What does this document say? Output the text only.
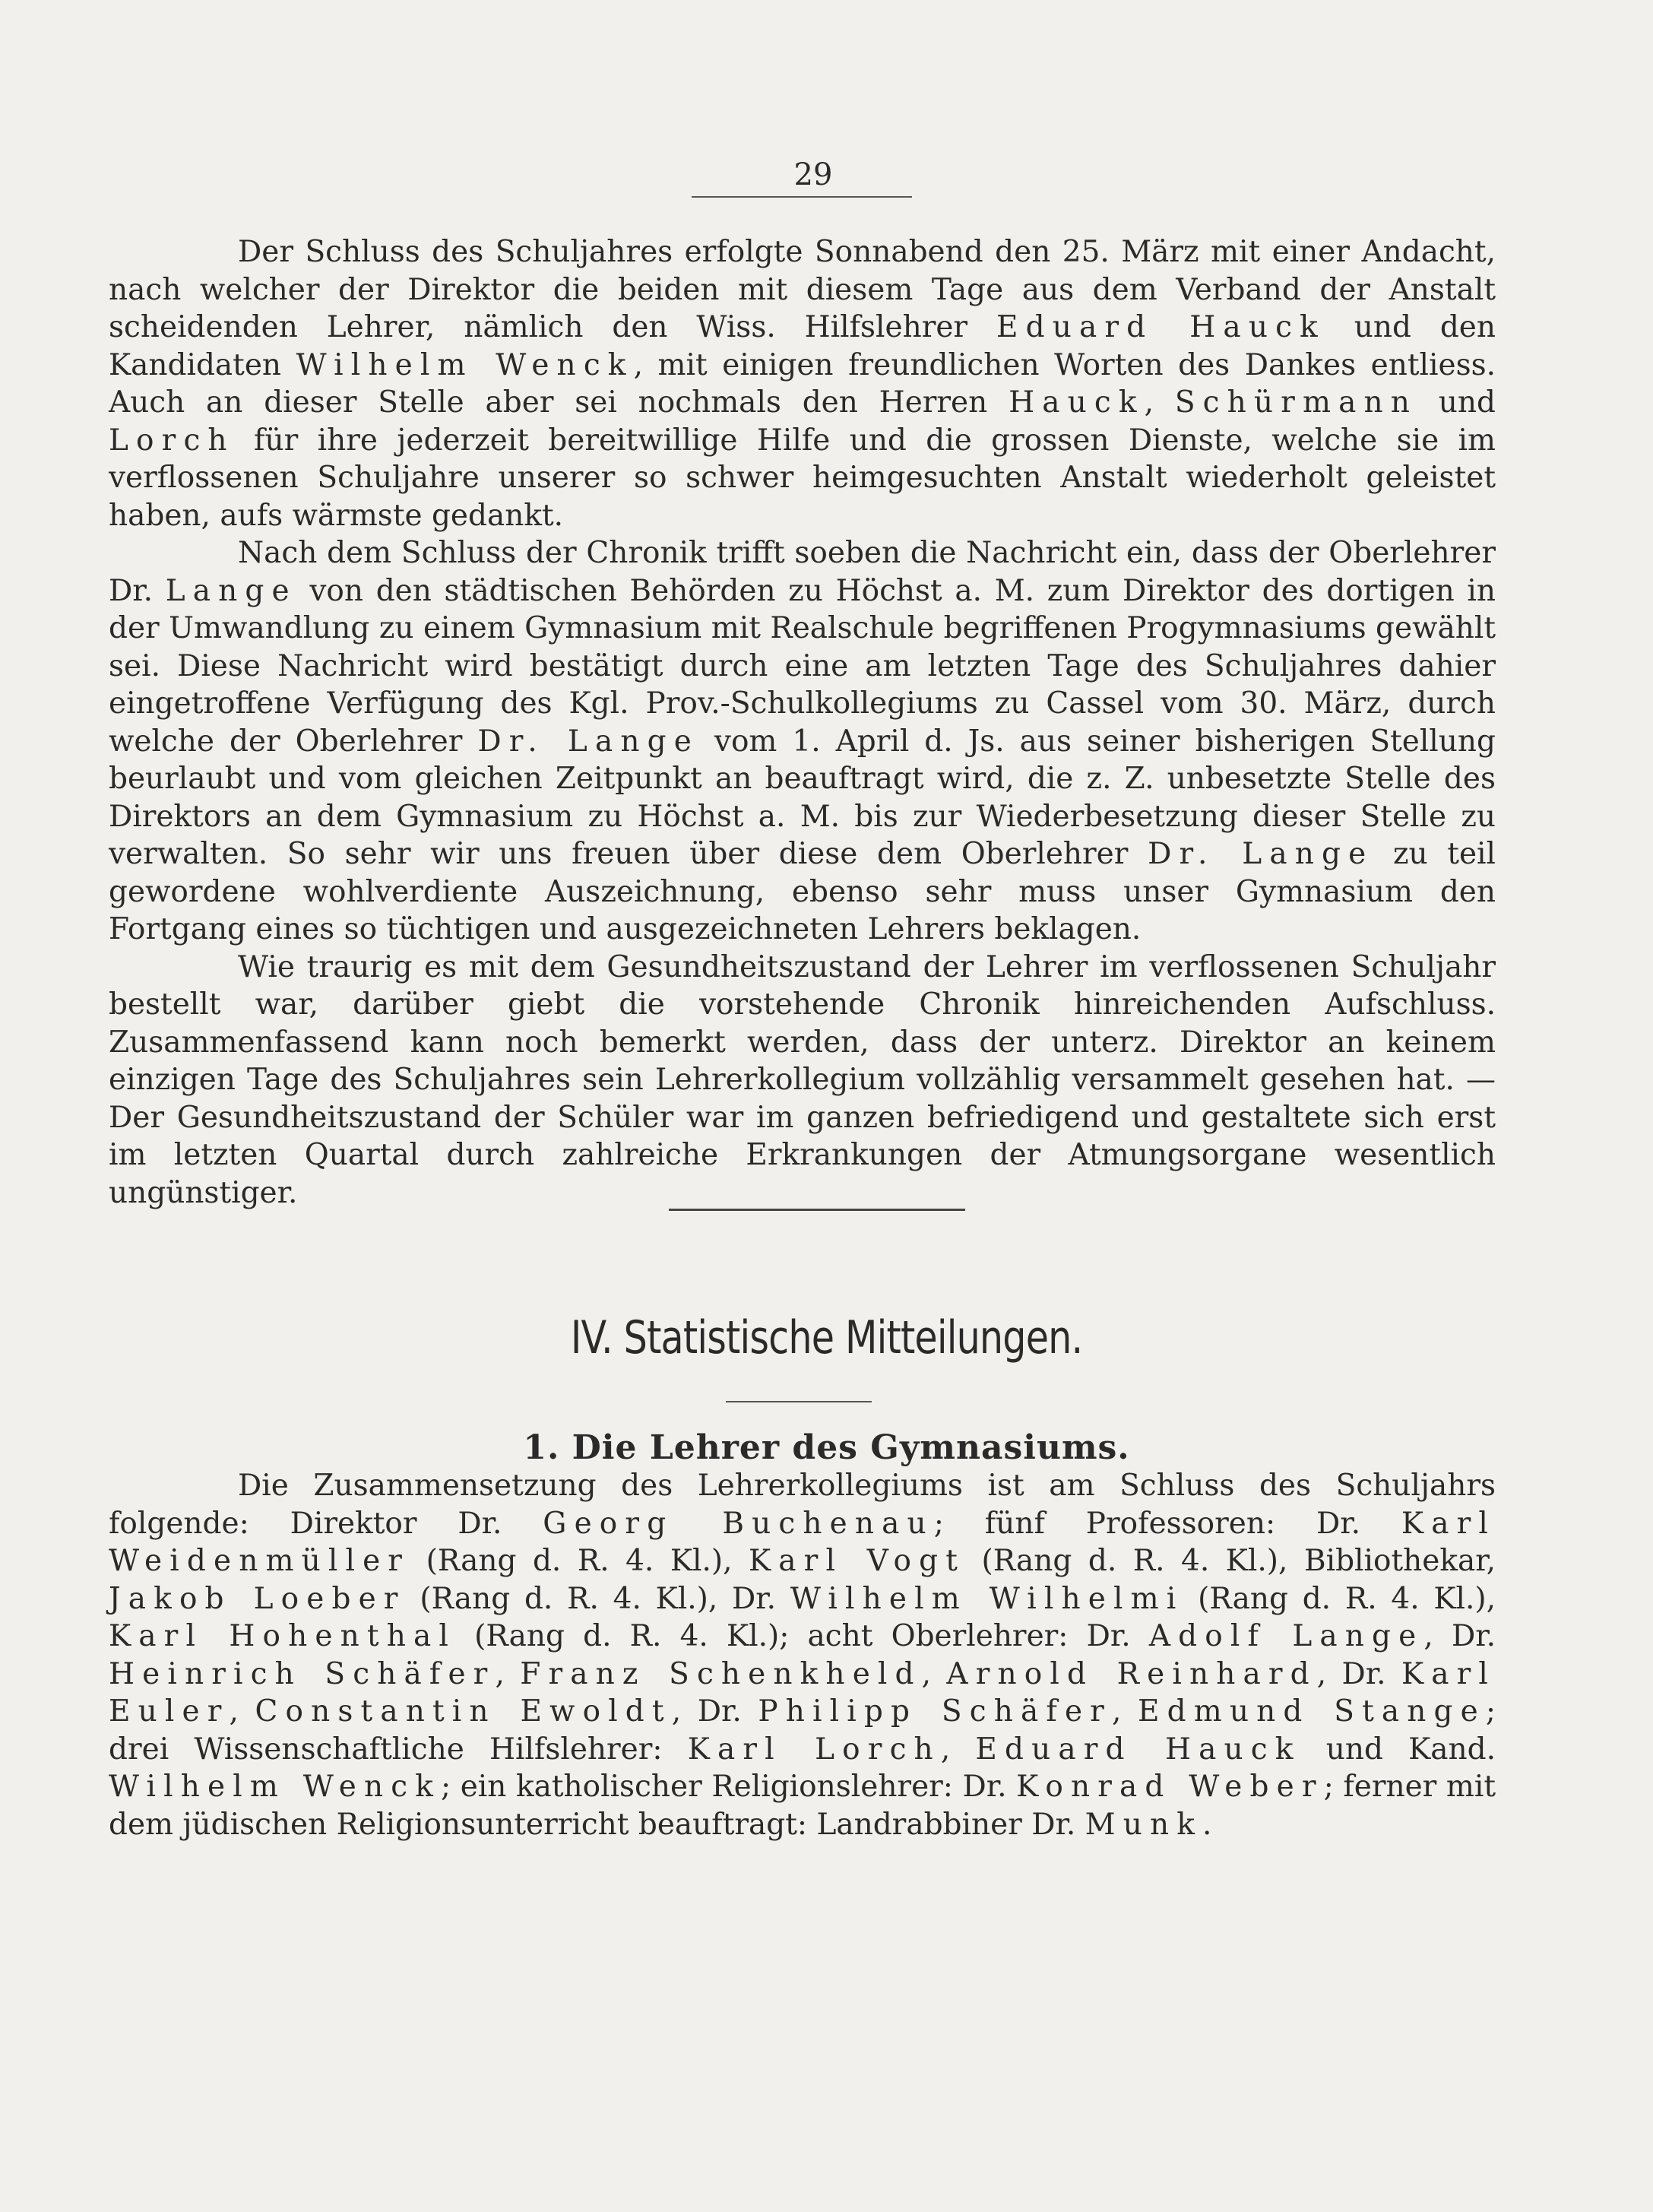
29

Der Schluss des Schuljahres erfolgte Sonnabend den 25. März mit einer Andacht, nach welcher der Direktor die beiden mit diesem Tage aus dem Verband der Anstalt scheidenden Lehrer, nämlich den Wiss. Hilfslehrer Eduard Hauck und den Kandidaten Wilhelm Wenck, mit einigen freundlichen Worten des Dankes entliess. Auch an dieser Stelle aber sei nochmals den Herren Hauck, Schürmann und Lorch für ihre jederzeit bereitwillige Hilfe und die grossen Dienste, welche sie im verflossenen Schuljahre unserer so schwer heimgesuchten Anstalt wiederholt geleistet haben, aufs wärmste gedankt.

Nach dem Schluss der Chronik trifft soeben die Nachricht ein, dass der Oberlehrer Dr. Lange von den städtischen Behörden zu Höchst a. M. zum Direktor des dortigen in der Umwandlung zu einem Gymnasium mit Realschule begriffenen Progymnasiums gewählt sei. Diese Nachricht wird bestätigt durch eine am letzten Tage des Schuljahres dahier eingetroffene Verfügung des Kgl. Prov.-Schulkollegiums zu Cassel vom 30. März, durch welche der Oberlehrer Dr. Lange vom 1. April d. Js. aus seiner bisherigen Stellung beurlaubt und vom gleichen Zeitpunkt an beauftragt wird, die z. Z. unbesetzte Stelle des Direktors an dem Gymnasium zu Höchst a. M. bis zur Wiederbesetzung dieser Stelle zu verwalten. So sehr wir uns freuen über diese dem Oberlehrer Dr. Lange zu teil gewordene wohlverdiente Auszeichnung, ebenso sehr muss unser Gymnasium den Fortgang eines so tüchtigen und ausgezeichneten Lehrers beklagen.

Wie traurig es mit dem Gesundheitszustand der Lehrer im verflossenen Schuljahr bestellt war, darüber giebt die vorstehende Chronik hinreichenden Aufschluss. Zusammenfassend kann noch bemerkt werden, dass der unterz. Direktor an keinem einzigen Tage des Schuljahres sein Lehrerkollegium vollzählig versammelt gesehen hat. — Der Gesundheitszustand der Schüler war im ganzen befriedigend und gestaltete sich erst im letzten Quartal durch zahlreiche Erkrankungen der Atmungsorgane wesentlich ungünstiger.

IV. Statistische Mitteilungen.
1. Die Lehrer des Gymnasiums.

Die Zusammensetzung des Lehrerkollegiums ist am Schluss des Schuljahrs folgende: Direktor Dr. Georg Buchenau; fünf Professoren: Dr. Karl Weidenmüller (Rang d. R. 4. Kl.), Karl Vogt (Rang d. R. 4. Kl.), Bibliothekar, Jakob Loeber (Rang d. R. 4. Kl.), Dr. Wilhelm Wilhelmi (Rang d. R. 4. Kl.), Karl Hohenthal (Rang d. R. 4. Kl.); acht Oberlehrer: Dr. Adolf Lange, Dr. Heinrich Schäfer, Franz Schenkheld, Arnold Reinhard, Dr. Karl Euler, Constantin Ewoldt, Dr. Philipp Schäfer, Edmund Stange; drei Wissenschaftliche Hilfslehrer: Karl Lorch, Eduard Hauck und Kand. Wilhelm Wenck; ein katholischer Religionslehrer: Dr. Konrad Weber; ferner mit dem jüdischen Religionsunterricht beauftragt: Landrabbiner Dr. Munk.
